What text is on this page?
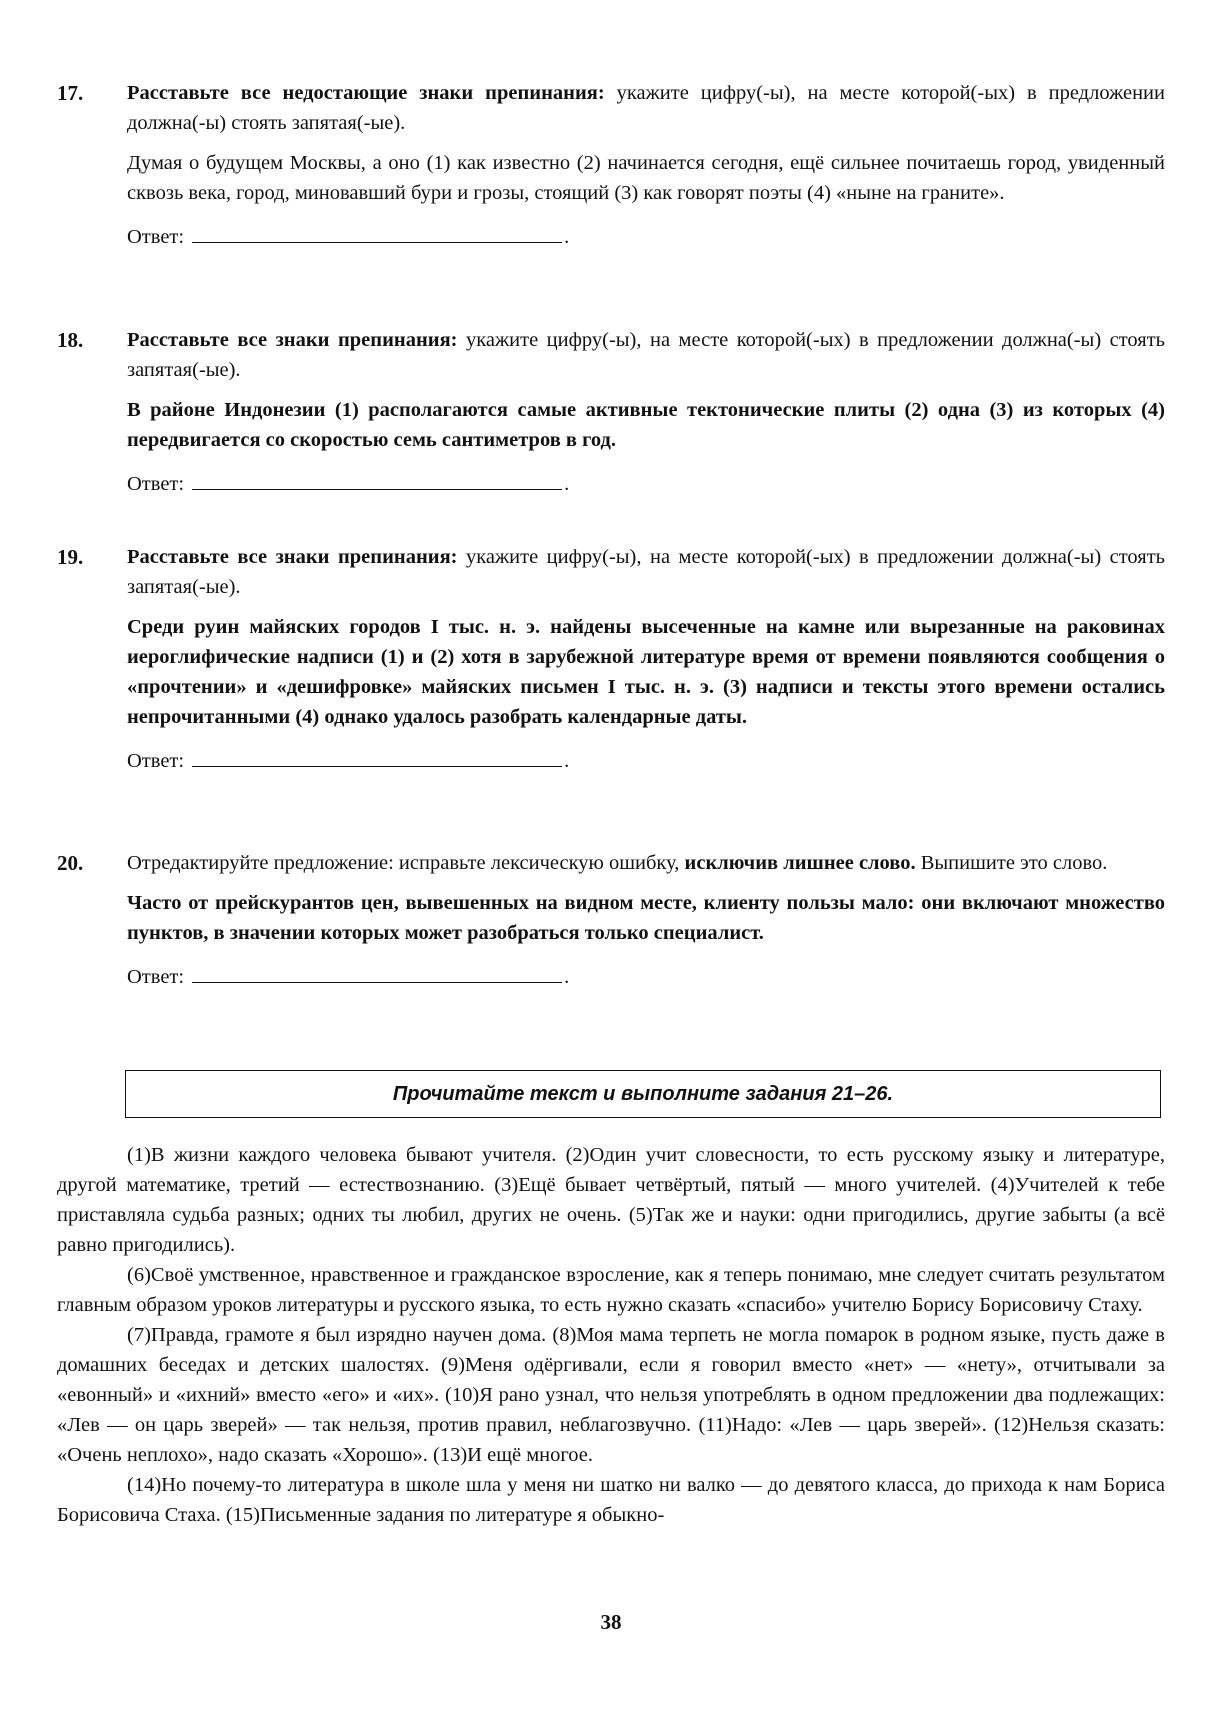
17. Расставьте все недостающие знаки препинания: укажите цифру(-ы), на месте которой(-ых) в предложении должна(-ы) стоять запятая(-ые).

Думая о будущем Москвы, а оно (1) как известно (2) начинается сегодня, ещё сильнее почитаешь город, увиденный сквозь века, город, миновавший бури и грозы, стоящий (3) как говорят поэты (4) «ныне на граните».

Ответ:	.

18. Расставьте все знаки препинания: укажите цифру(-ы), на месте которой(-ых) в предложении должна(-ы) стоять запятая(-ые).

В районе Индонезии (1) располагаются самые активные тектонические плиты (2) одна (3) из которых (4) передвигается со скоростью семь сантиметров в год.

Ответ:	.

19. Расставьте все знаки препинания: укажите цифру(-ы), на месте которой(-ых) в предложении должна(-ы) стоять запятая(-ые).

Среди руин майяских городов I тыс. н. э. найдены высеченные на камне или вырезанные на раковинах иероглифические надписи (1) и (2) хотя в зарубежной литературе время от времени появляются сообщения о «прочтении» и «дешифровке» майяских письмен I тыс. н. э. (3) надписи и тексты этого времени остались непрочитанными (4) однако удалось разобрать календарные даты.

Ответ:	.

20. Отредактируйте предложение: исправьте лексическую ошибку, исключив лишнее слово. Выпишите это слово.

Часто от прейскурантов цен, вывешенных на видном месте, клиенту пользы мало: они включают множество пунктов, в значении которых может разобраться только специалист.

Ответ:	.

Прочитайте текст и выполните задания 21–26.

(1)В жизни каждого человека бывают учителя. (2)Один учит словесности, то есть русскому языку и литературе, другой математике, третий — естествознанию. (3)Ещё бывает четвёртый, пятый — много учителей. (4)Учителей к тебе приставляла судьба разных; одних ты любил, других не очень. (5)Так же и науки: одни пригодились, другие забыты (а всё равно пригодились).

(6)Своё умственное, нравственное и гражданское взросление, как я теперь понимаю, мне следует считать результатом главным образом уроков литературы и русского языка, то есть нужно сказать «спасибо» учителю Борису Борисовичу Стаху.

(7)Правда, грамоте я был изрядно научен дома. (8)Моя мама терпеть не могла помарок в родном языке, пусть даже в домашних беседах и детских шалостях. (9)Меня одёргивали, если я говорил вместо «нет» — «нету», отчитывали за «евонный» и «ихний» вместо «его» и «их». (10)Я рано узнал, что нельзя употреблять в одном предложении два подлежащих: «Лев — он царь зверей» — так нельзя, против правил, неблагозвучно. (11)Надо: «Лев — царь зверей». (12)Нельзя сказать: «Очень неплохо», надо сказать «Хорошо». (13)И ещё многое.

(14)Но почему-то литература в школе шла у меня ни шатко ни валко — до девятого класса, до прихода к нам Бориса Борисовича Стаха. (15)Письменные задания по литературе я обыкно-

38
